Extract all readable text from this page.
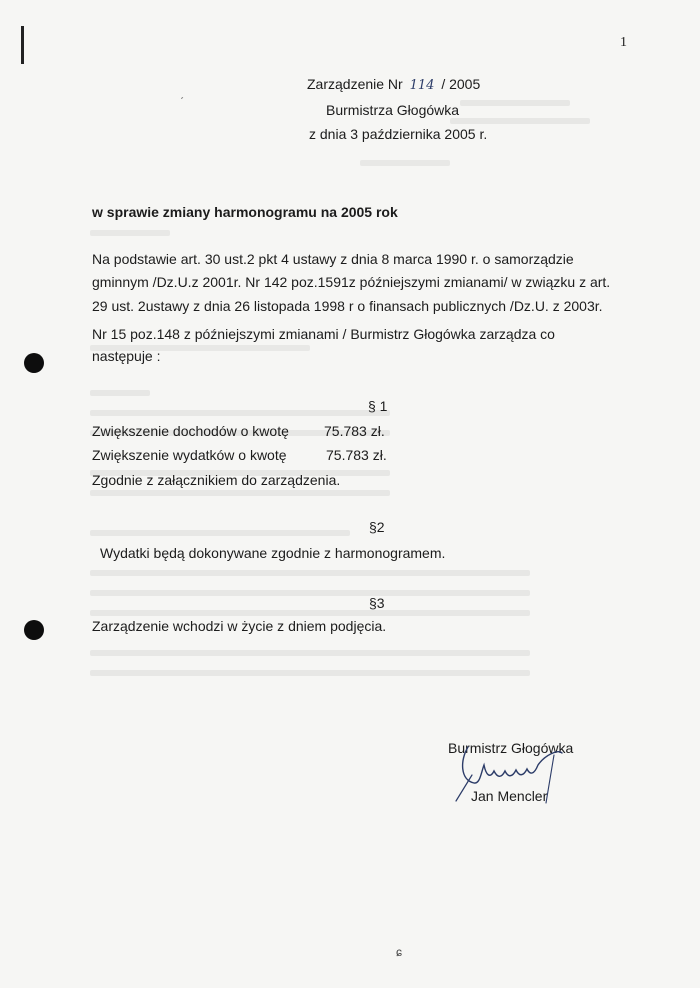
1
Zarządzenie Nr 114 / 2005
Burmistrza Głogówka
z dnia 3 października 2005 r.
w sprawie zmiany harmonogramu na 2005 rok
Na podstawie art. 30 ust.2 pkt 4 ustawy z dnia 8 marca 1990 r. o samorządzie
gminnym /Dz.U.z 2001r. Nr 142 poz.1591z późniejszymi zmianami/ w związku z art.
29 ust. 2ustawy z dnia 26 listopada 1998 r o finansach publicznych /Dz.U. z 2003r.
Nr 15 poz.148 z późniejszymi zmianami / Burmistrz Głogówka zarządza co
następuje :
§ 1
Zwiększenie dochodów o kwotę	75.783 zł.
Zwiększenie wydatków o kwotę	75.783 zł.
Zgodnie z załącznikiem do zarządzenia.
§2
Wydatki będą dokonywane zgodnie z harmonogramem.
§3
Zarządzenie wchodzi w życie z dniem podjęcia.
Burmistrz Głogówka
Jan Mencler
ˊ
ɕ
